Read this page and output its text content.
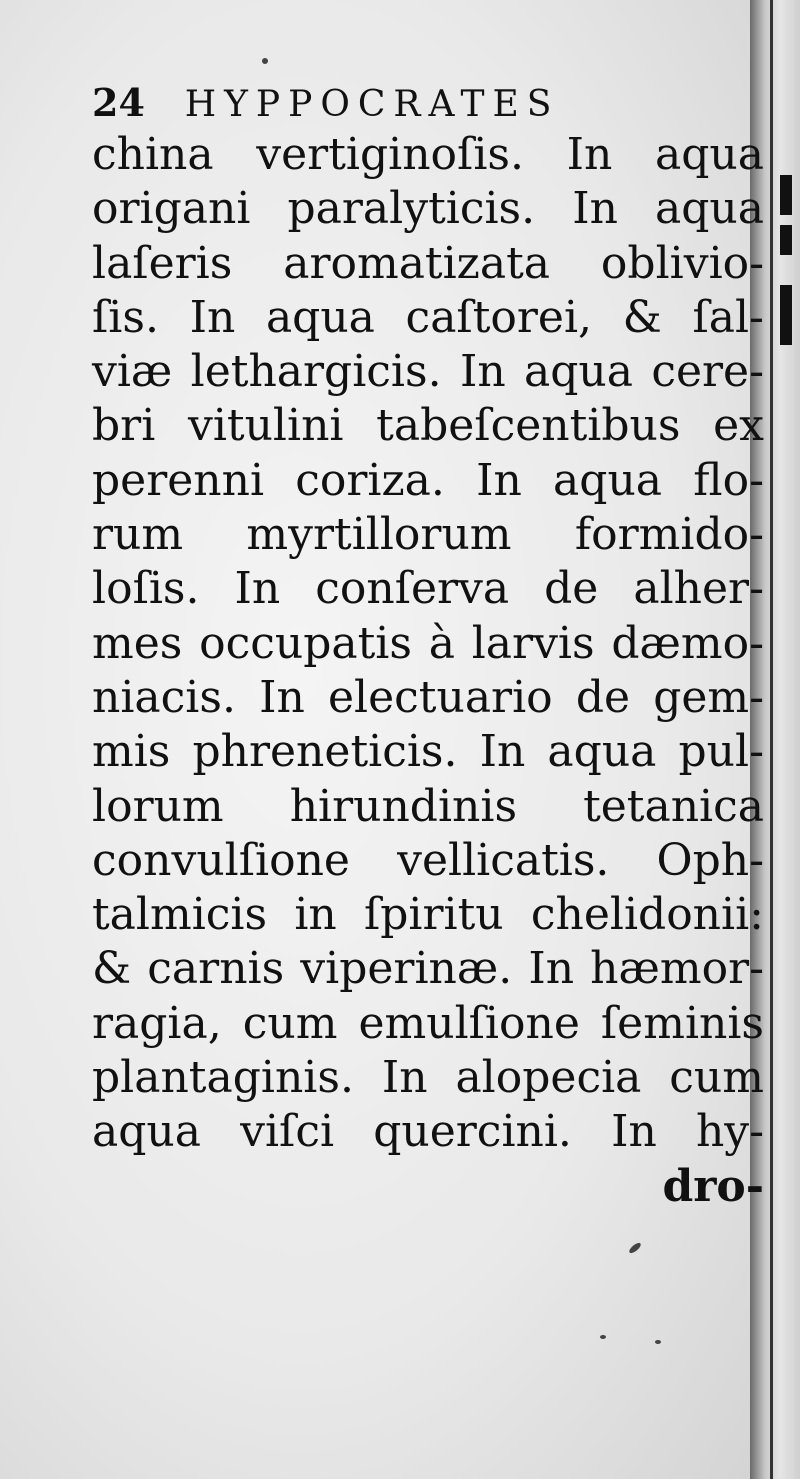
24 HYPPOCRATES
china vertiginoſis. In aqua
origani paralyticis. In aqua
laſeris aromatizata oblivio-
ſis. In aqua caſtorei, & ſal-
viæ lethargicis. In aqua cere-
bri vitulini tabeſcentibus ex
perenni coriza. In aqua flo-
rum myrtillorum formido-
loſis. In conſerva de alher-
mes occupatis à larvis dæmo-
niacis. In electuario de gem-
mis phreneticis. In aqua pul-
lorum hirundinis tetanica
convulſione vellicatis. Oph-
talmicis in ſpiritu chelidonii:
& carnis viperinæ. In hæmor-
ragia, cum emulſione ſeminis
plantaginis. In alopecia cum
aqua viſci quercini. In hy-
dro-
